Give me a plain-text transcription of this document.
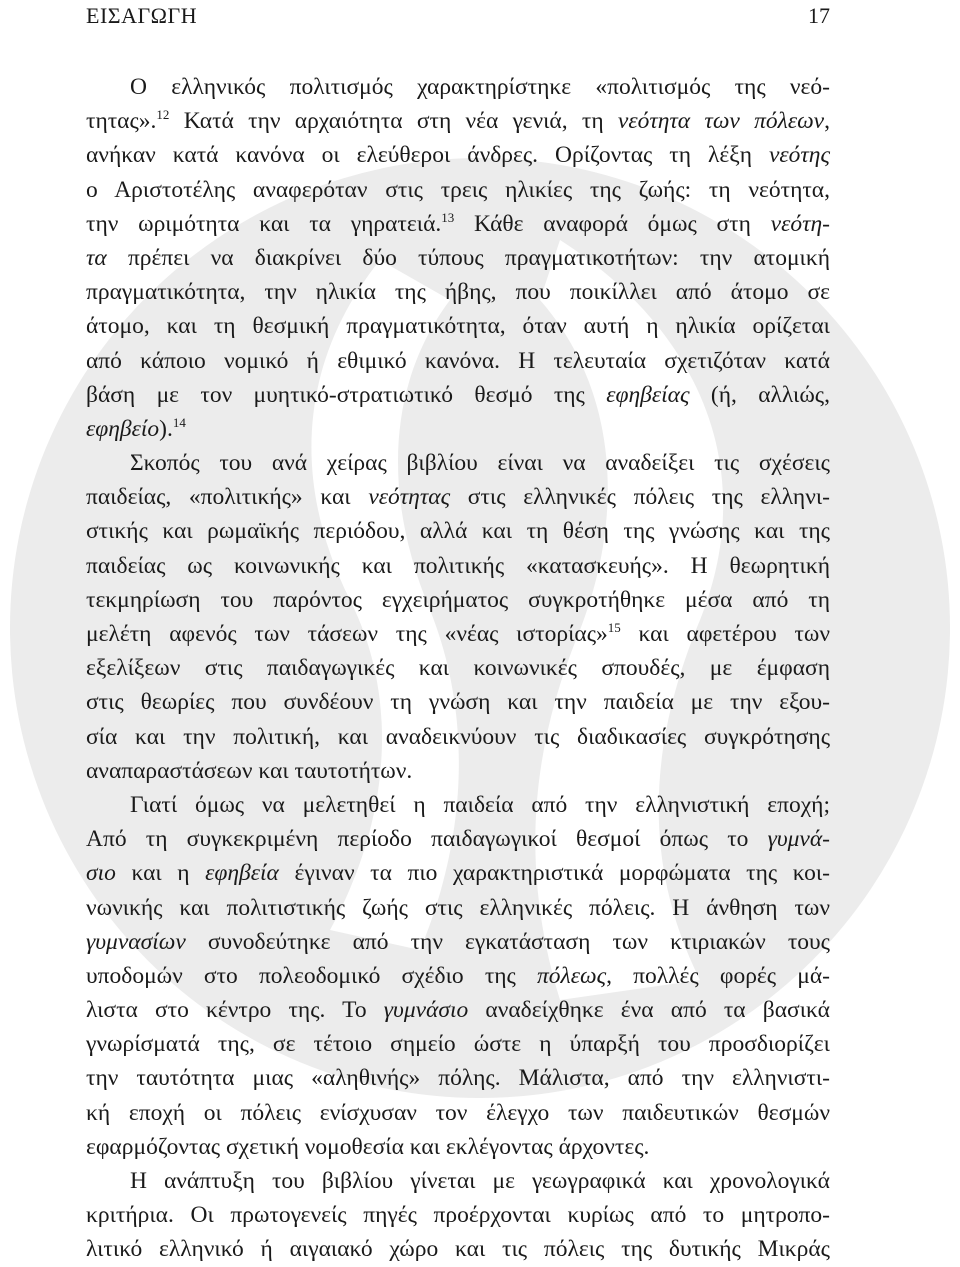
ΕΙΣΑΓΩΓΗ	17
Ο ελληνικός πολιτισμός χαρακτηρίστηκε «πολιτισμός της νεό-
τητας».$^{12}$ Κατά την αρχαιότητα στη νέα γενιά, τη νεότητα των πόλεων,
ανήκαν κατά κανόνα οι ελεύθεροι άνδρες. Ορίζοντας τη λέξη νεότης
ο Αριστοτέλης αναφερόταν στις τρεις ηλικίες της ζωής: τη νεότητα,
την ωριμότητα και τα γηρατειά.$^{13}$ Κάθε αναφορά όμως στη νεότη-
τα πρέπει να διακρίνει δύο τύπους πραγματικοτήτων: την ατομική
πραγματικότητα, την ηλικία της ήβης, που ποικίλλει από άτομο σε
άτομο, και τη θεσμική πραγματικότητα, όταν αυτή η ηλικία ορίζεται
από κάποιο νομικό ή εθιμικό κανόνα. Η τελευταία σχετιζόταν κατά
βάση με τον μυητικό-στρατιωτικό θεσμό της εφηβείας (ή, αλλιώς,
εφηβείο).$^{14}$
Σκοπός του ανά χείρας βιβλίου είναι να αναδείξει τις σχέσεις
παιδείας, «πολιτικής» και νεότητας στις ελληνικές πόλεις της ελληνι-
στικής και ρωμαϊκής περιόδου, αλλά και τη θέση της γνώσης και της
παιδείας ως κοινωνικής και πολιτικής «κατασκευής». Η θεωρητική
τεκμηρίωση του παρόντος εγχειρήματος συγκροτήθηκε μέσα από τη
μελέτη αφενός των τάσεων της «νέας ιστορίας»$^{15}$ και αφετέρου των
εξελίξεων στις παιδαγωγικές και κοινωνικές σπουδές, με έμφαση
στις θεωρίες που συνδέουν τη γνώση και την παιδεία με την εξου-
σία και την πολιτική, και αναδεικνύουν τις διαδικασίες συγκρότησης
αναπαραστάσεων και ταυτοτήτων.
Γιατί όμως να μελετηθεί η παιδεία από την ελληνιστική εποχή;
Από τη συγκεκριμένη περίοδο παιδαγωγικοί θεσμοί όπως το γυμνά-
σιο και η εφηβεία έγιναν τα πιο χαρακτηριστικά μορφώματα της κοι-
νωνικής και πολιτιστικής ζωής στις ελληνικές πόλεις. Η άνθηση των
γυμνασίων συνοδεύτηκε από την εγκατάσταση των κτιριακών τους
υποδομών στο πολεοδομικό σχέδιο της πόλεως, πολλές φορές μά-
λιστα στο κέντρο της. Το γυμνάσιο αναδείχθηκε ένα από τα βασικά
γνωρίσματά της, σε τέτοιο σημείο ώστε η ύπαρξή του προσδιορίζει
την ταυτότητα μιας «αληθινής» πόλης. Μάλιστα, από την ελληνιστι-
κή εποχή οι πόλεις ενίσχυσαν τον έλεγχο των παιδευτικών θεσμών
εφαρμόζοντας σχετική νομοθεσία και εκλέγοντας άρχοντες.
Η ανάπτυξη του βιβλίου γίνεται με γεωγραφικά και χρονολογικά
κριτήρια. Οι πρωτογενείς πηγές προέρχονται κυρίως από το μητροπο-
λιτικό ελληνικό ή αιγαιακό χώρο και τις πόλεις της δυτικής Μικράς
